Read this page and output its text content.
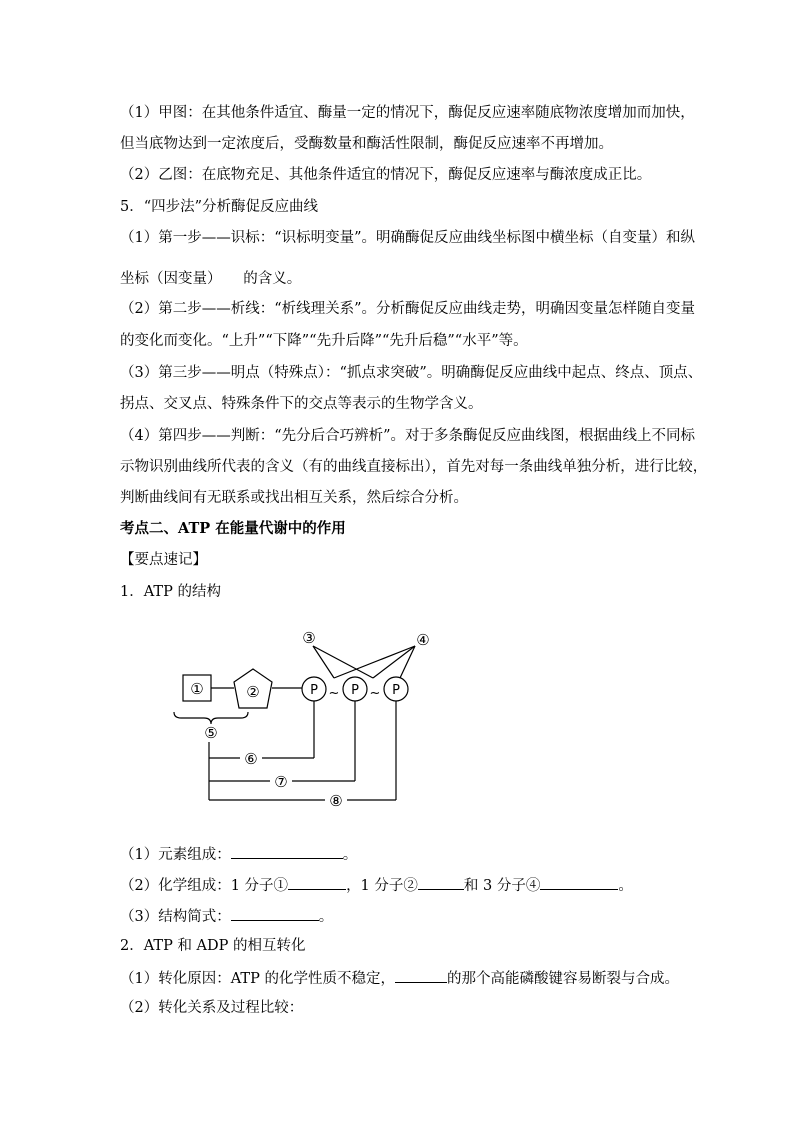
（1）甲图：在其他条件适宜、酶量一定的情况下，酶促反应速率随底物浓度增加而加快，
但当底物达到一定浓度后，受酶数量和酶活性限制，酶促反应速率不再增加。
（2）乙图：在底物充足、其他条件适宜的情况下，酶促反应速率与酶浓度成正比。
5．“四步法”分析酶促反应曲线
（1）第一步——识标：“识标明变量”。明确酶促反应曲线坐标图中横坐标（自变量）和纵
坐标（因变量）　　的含义。
（2）第二步——析线：“析线理关系”。分析酶促反应曲线走势，明确因变量怎样随自变量
的变化而变化。“上升”“下降”“先升后降”“先升后稳”“水平”等。
（3）第三步——明点（特殊点）：“抓点求突破”。明确酶促反应曲线中起点、终点、顶点、
拐点、交叉点、特殊条件下的交点等表示的生物学含义。
（4）第四步——判断：“先分后合巧辨析”。对于多条酶促反应曲线图，根据曲线上不同标
示物识别曲线所代表的含义（有的曲线直接标出），首先对每一条曲线单独分析，进行比较，
判断曲线间有无联系或找出相互关系，然后综合分析。
考点二、ATP 在能量代谢中的作用
【要点速记】
1．ATP 的结构
①	②
③	④
⑤
⑥
⑦
⑧
P	P	P
~ ~
（1）元素组成：	。
（2）化学组成：1 分子①	，1 分子②	和 3 分子④	。
（3）结构简式：	。
2．ATP 和 ADP 的相互转化
（1）转化原因：ATP 的化学性质不稳定，	的那个高能磷酸键容易断裂与合成。
（2）转化关系及过程比较：
